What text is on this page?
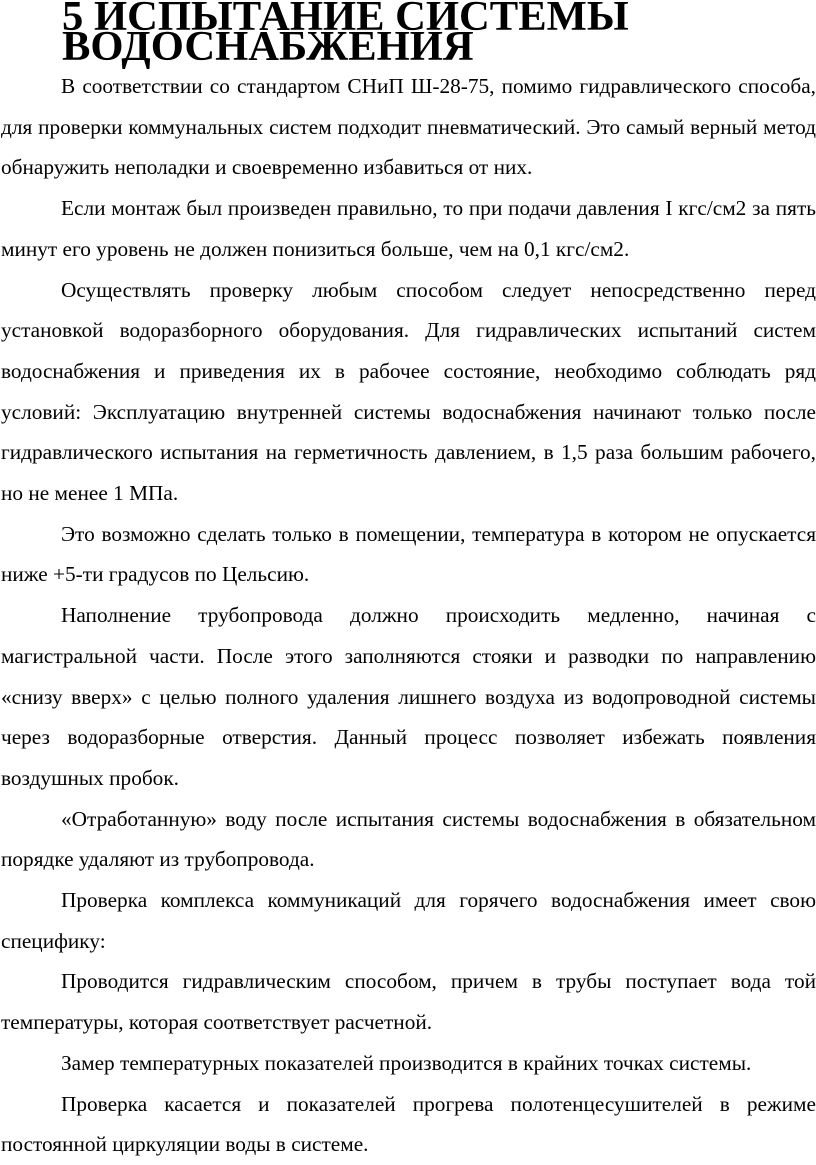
5 ИСПЫТАНИЕ СИСТЕМЫ ВОДОСНАБЖЕНИЯ

В соответствии со стандартом СНиП Ш-28-75, помимо гидравлического способа, для проверки коммунальных систем подходит пневматический. Это самый верный метод обнаружить неполадки и своевременно избавиться от них.

Если монтаж был произведен правильно, то при подачи давления I кгс/см2 за пять минут его уровень не должен понизиться больше, чем на 0,1 кгс/см2.

Осуществлять проверку любым способом следует непосредственно перед установкой водоразборного оборудования. Для гидравлических испытаний систем водоснабжения и приведения их в рабочее состояние, необходимо соблюдать ряд условий: Эксплуатацию внутренней системы водоснабжения начинают только после гидравлического испытания на герметичность давлением, в 1,5 раза большим рабочего, но не менее 1 МПа.

Это возможно сделать только в помещении, температура в котором не опускается ниже +5-ти градусов по Цельсию.

Наполнение трубопровода должно происходить медленно, начиная с магистральной части. После этого заполняются стояки и разводки по направлению «снизу вверх» с целью полного удаления лишнего воздуха из водопроводной системы через водоразборные отверстия. Данный процесс позволяет избежать появления воздушных пробок.

«Отработанную» воду после испытания системы водоснабжения в обязательном порядке удаляют из трубопровода.

Проверка комплекса коммуникаций для горячего водоснабжения имеет свою специфику:

Проводится гидравлическим способом, причем в трубы поступает вода той температуры, которая соответствует расчетной.

Замер температурных показателей производится в крайних точках системы.

Проверка касается и показателей прогрева полотенцесушителей в режиме постоянной циркуляции воды в системе.
